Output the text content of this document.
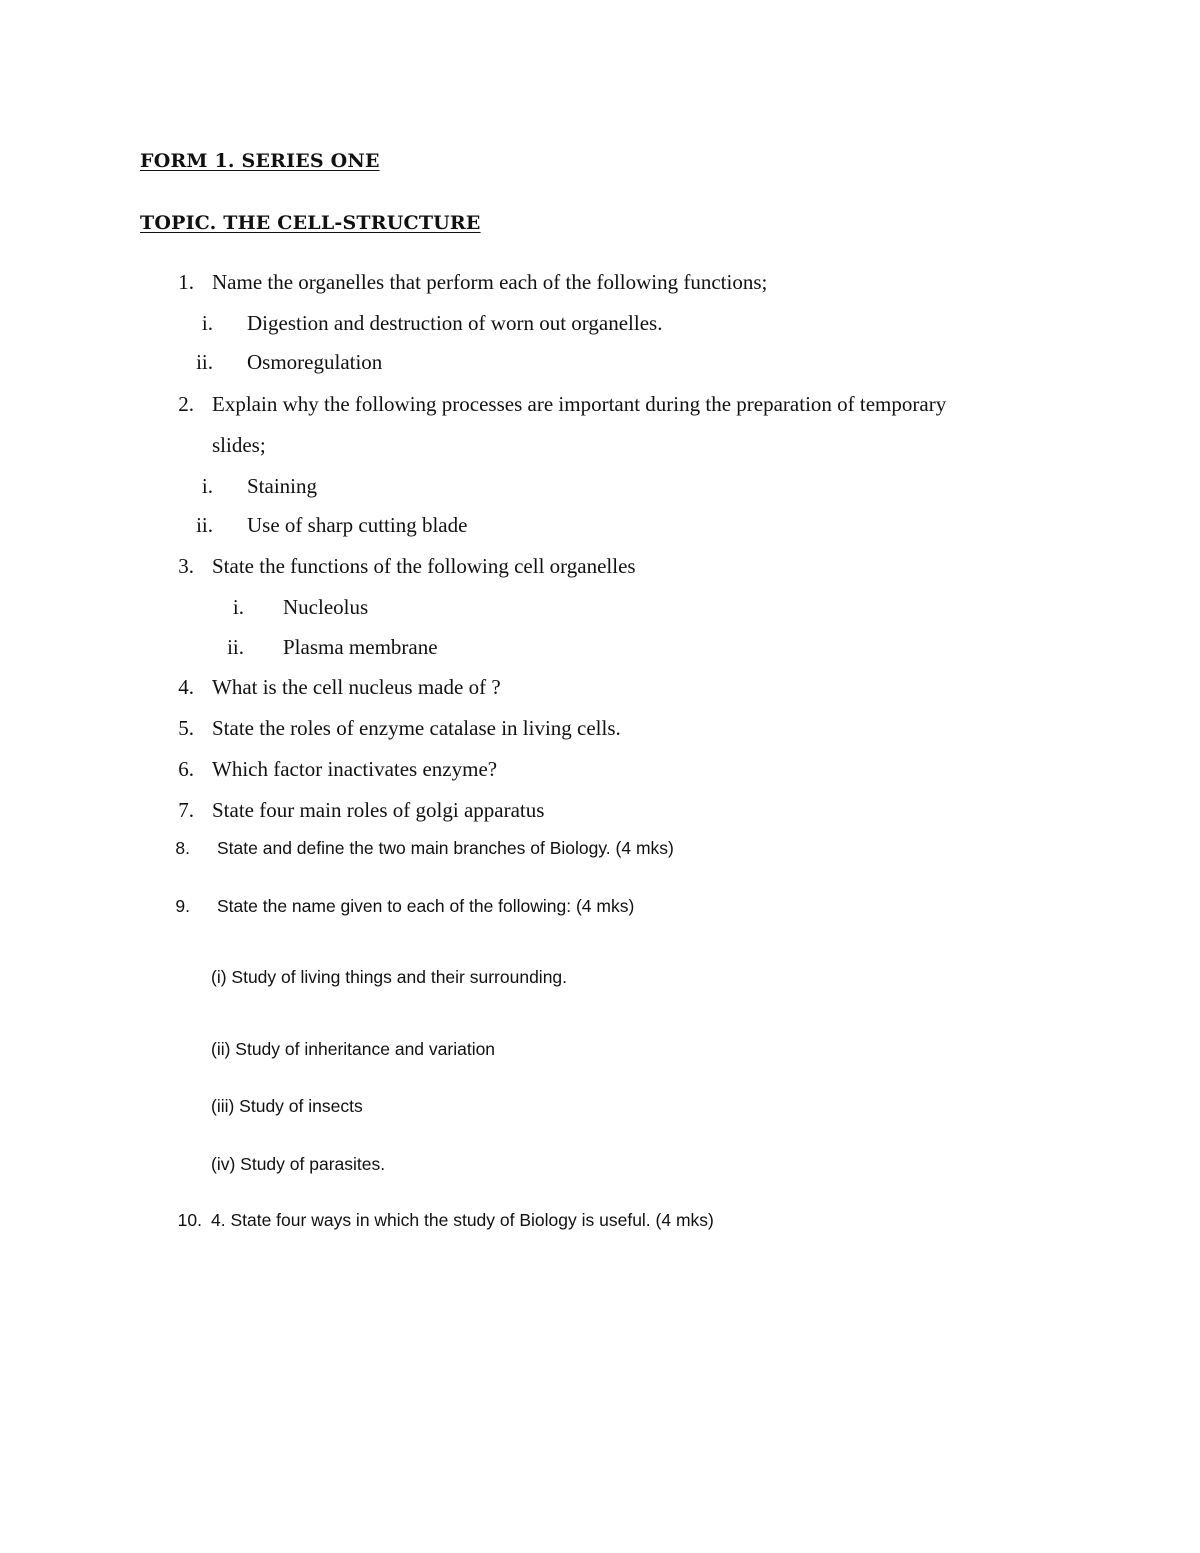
FORM 1. SERIES ONE
TOPIC. THE CELL-STRUCTURE
1. Name the organelles that perform each of the following functions;
i. Digestion and destruction of worn out organelles.
ii. Osmoregulation
2. Explain why the following processes are important during the preparation of temporary
slides;
i. Staining
ii. Use of sharp cutting blade
3. State the functions of the following cell organelles
i. Nucleolus
ii. Plasma membrane
4. What is the cell nucleus made of ?
5. State the roles of enzyme catalase in living cells.
6. Which factor inactivates enzyme?
7. State four main roles of golgi apparatus
8. State and define the two main branches of Biology. (4 mks)
9. State the name given to each of the following: (4 mks)
(i) Study of living things and their surrounding.
(ii) Study of inheritance and variation
(iii) Study of insects
(iv) Study of parasites.
10. 4. State four ways in which the study of Biology is useful. (4 mks)
